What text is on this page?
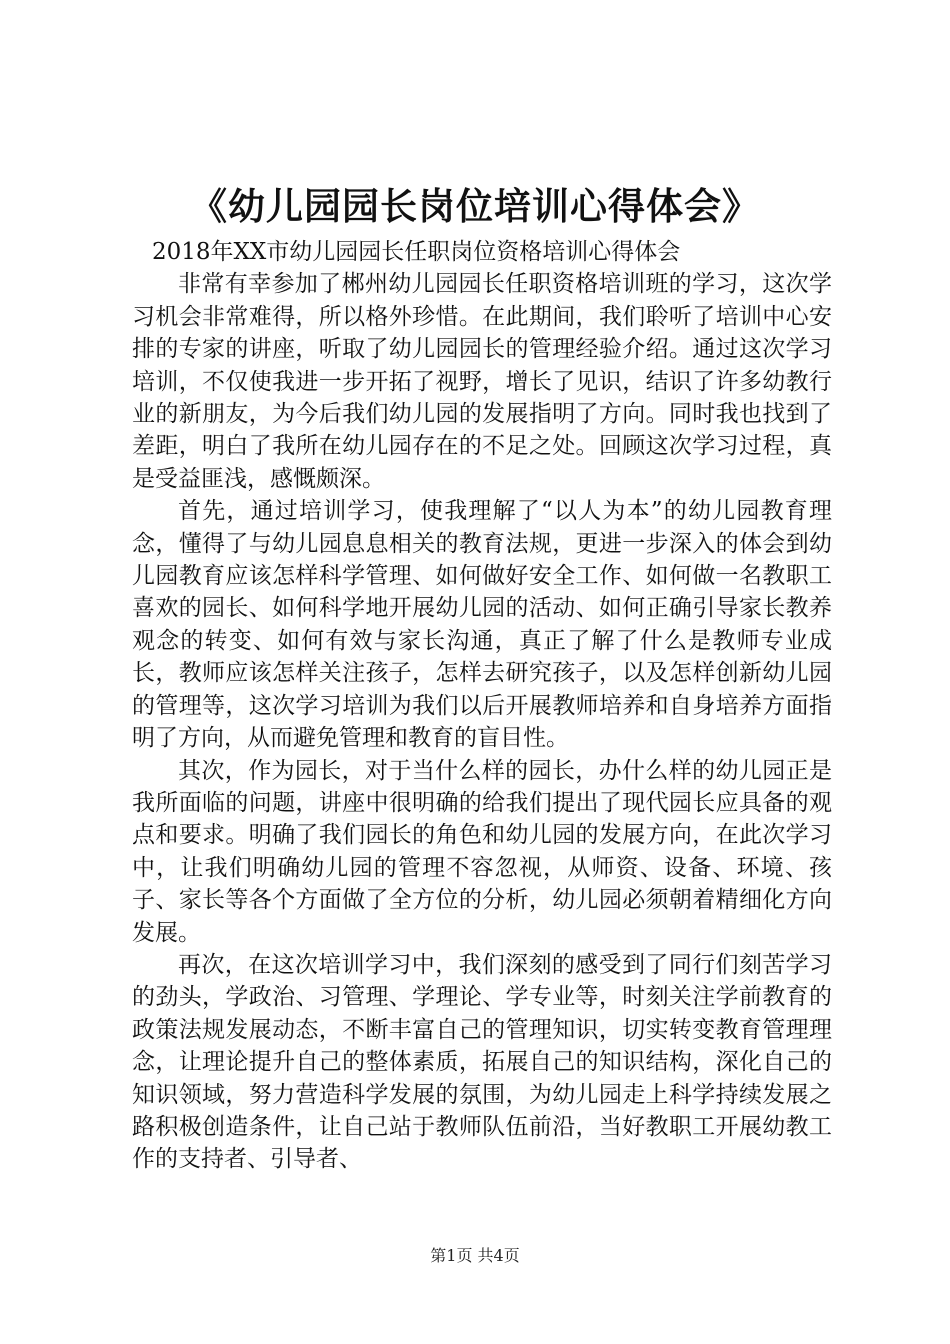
《幼儿园园长岗位培训心得体会》

2018年XX市幼儿园园长任职岗位资格培训心得体会

非常有幸参加了郴州幼儿园园长任职资格培训班的学习，这次学习机会非常难得，所以格外珍惜。在此期间，我们聆听了培训中心安排的专家的讲座，听取了幼儿园园长的管理经验介绍。通过这次学习培训，不仅使我进一步开拓了视野，增长了见识，结识了许多幼教行业的新朋友，为今后我们幼儿园的发展指明了方向。同时我也找到了差距，明白了我所在幼儿园存在的不足之处。回顾这次学习过程，真是受益匪浅，感慨颇深。

首先，通过培训学习，使我理解了“以人为本”的幼儿园教育理念，懂得了与幼儿园息息相关的教育法规，更进一步深入的体会到幼儿园教育应该怎样科学管理、如何做好安全工作、如何做一名教职工喜欢的园长、如何科学地开展幼儿园的活动、如何正确引导家长教养观念的转变、如何有效与家长沟通，真正了解了什么是教师专业成长，教师应该怎样关注孩子，怎样去研究孩子，以及怎样创新幼儿园的管理等，这次学习培训为我们以后开展教师培养和自身培养方面指明了方向，从而避免管理和教育的盲目性。

其次，作为园长，对于当什么样的园长，办什么样的幼儿园正是我所面临的问题，讲座中很明确的给我们提出了现代园长应具备的观点和要求。明确了我们园长的角色和幼儿园的发展方向，在此次学习中，让我们明确幼儿园的管理不容忽视，从师资、设备、环境、孩子、家长等各个方面做了全方位的分析，幼儿园必须朝着精细化方向发展。

再次，在这次培训学习中，我们深刻的感受到了同行们刻苦学习的劲头，学政治、习管理、学理论、学专业等，时刻关注学前教育的政策法规发展动态，不断丰富自己的管理知识，切实转变教育管理理念，让理论提升自己的整体素质，拓展自己的知识结构，深化自己的知识领域，努力营造科学发展的氛围，为幼儿园走上科学持续发展之路积极创造条件，让自己站于教师队伍前沿，当好教职工开展幼教工作的支持者、引导者、

第1页 共4页
